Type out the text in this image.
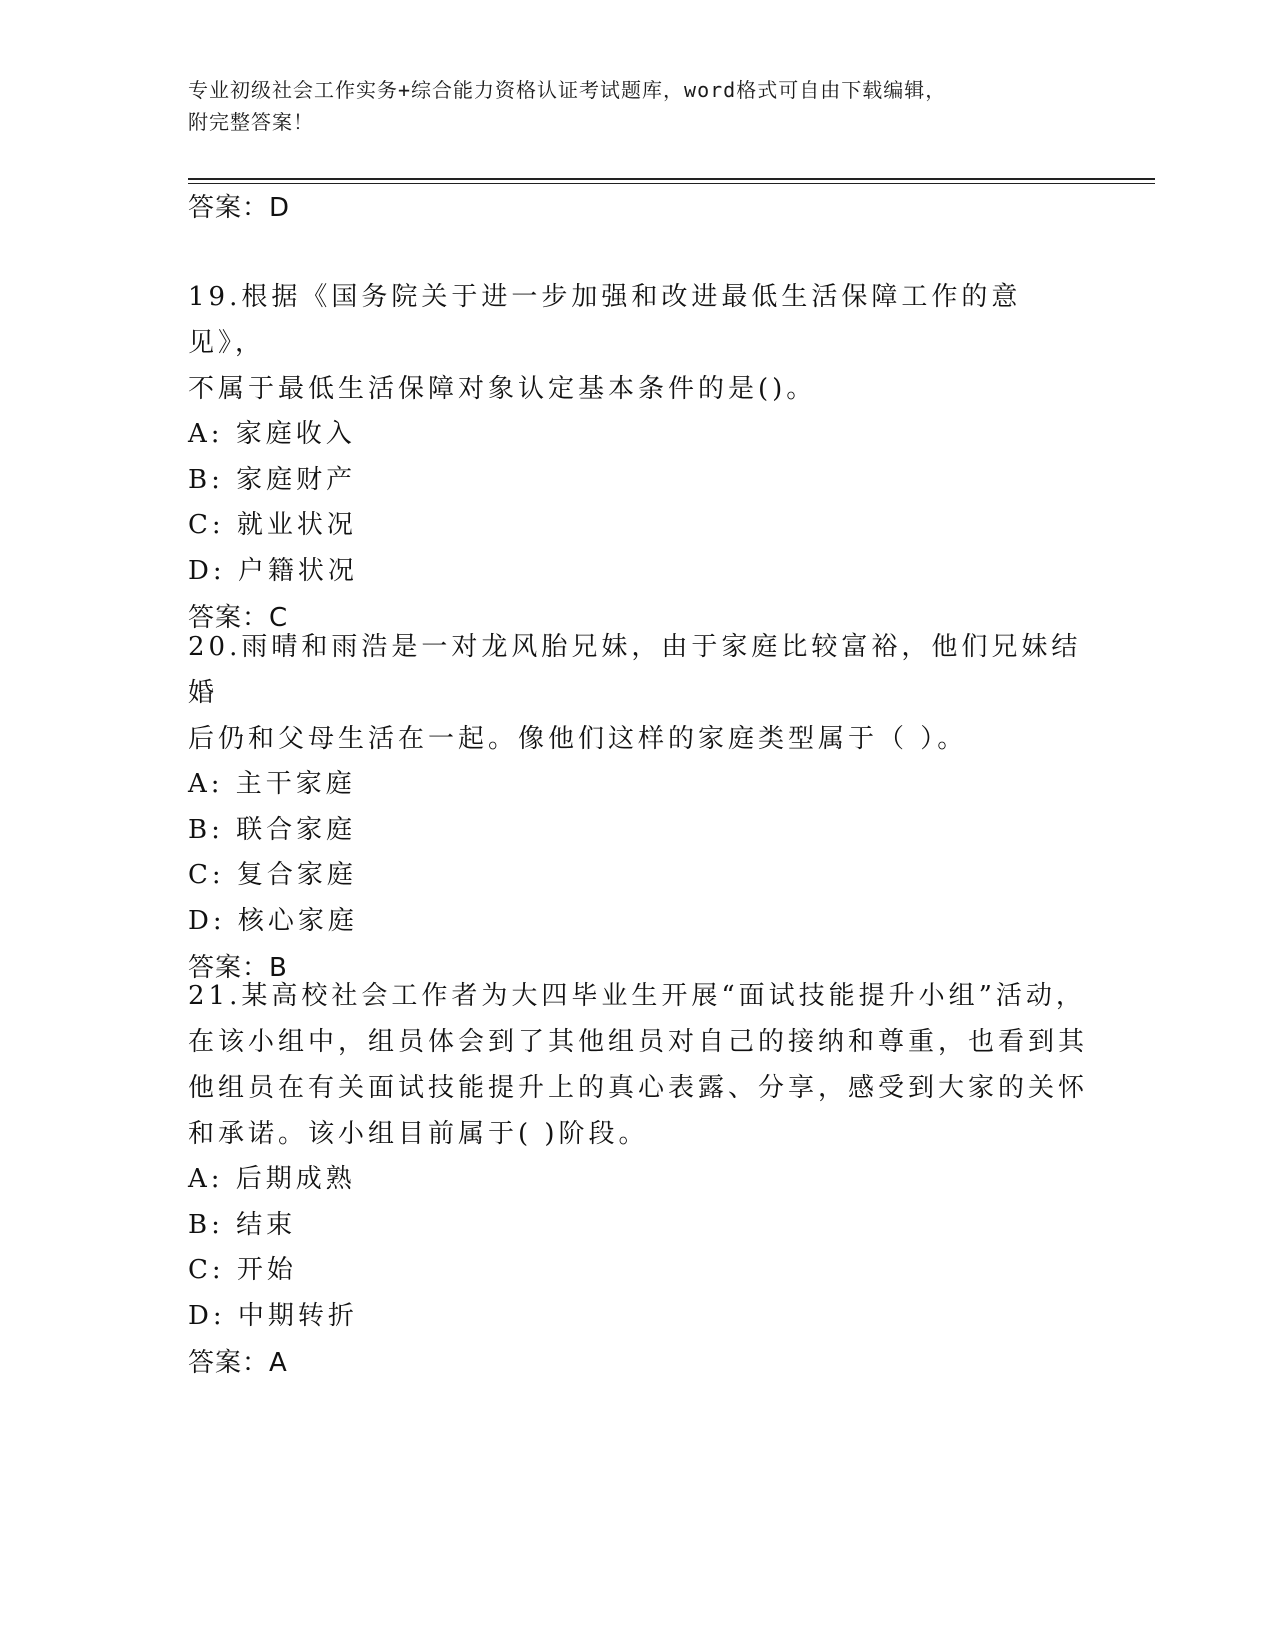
专业初级社会工作实务+综合能力资格认证考试题库，word格式可自由下载编辑，
附完整答案！
答案：D
19.根据《国务院关于进一步加强和改进最低生活保障工作的意见》，
不属于最低生活保障对象认定基本条件的是()。
A: 家庭收入
B: 家庭财产
C: 就业状况
D: 户籍状况
答案：C
20.雨晴和雨浩是一对龙风胎兄妹，由于家庭比较富裕，他们兄妹结婚
后仍和父母生活在一起。像他们这样的家庭类型属于（ ）。
A: 主干家庭
B: 联合家庭
C: 复合家庭
D: 核心家庭
答案：B
21.某高校社会工作者为大四毕业生开展“面试技能提升小组”活动，
在该小组中，组员体会到了其他组员对自己的接纳和尊重，也看到其
他组员在有关面试技能提升上的真心表露、分享，感受到大家的关怀
和承诺。该小组目前属于( )阶段。
A: 后期成熟
B: 结束
C: 开始
D: 中期转折
答案：A
